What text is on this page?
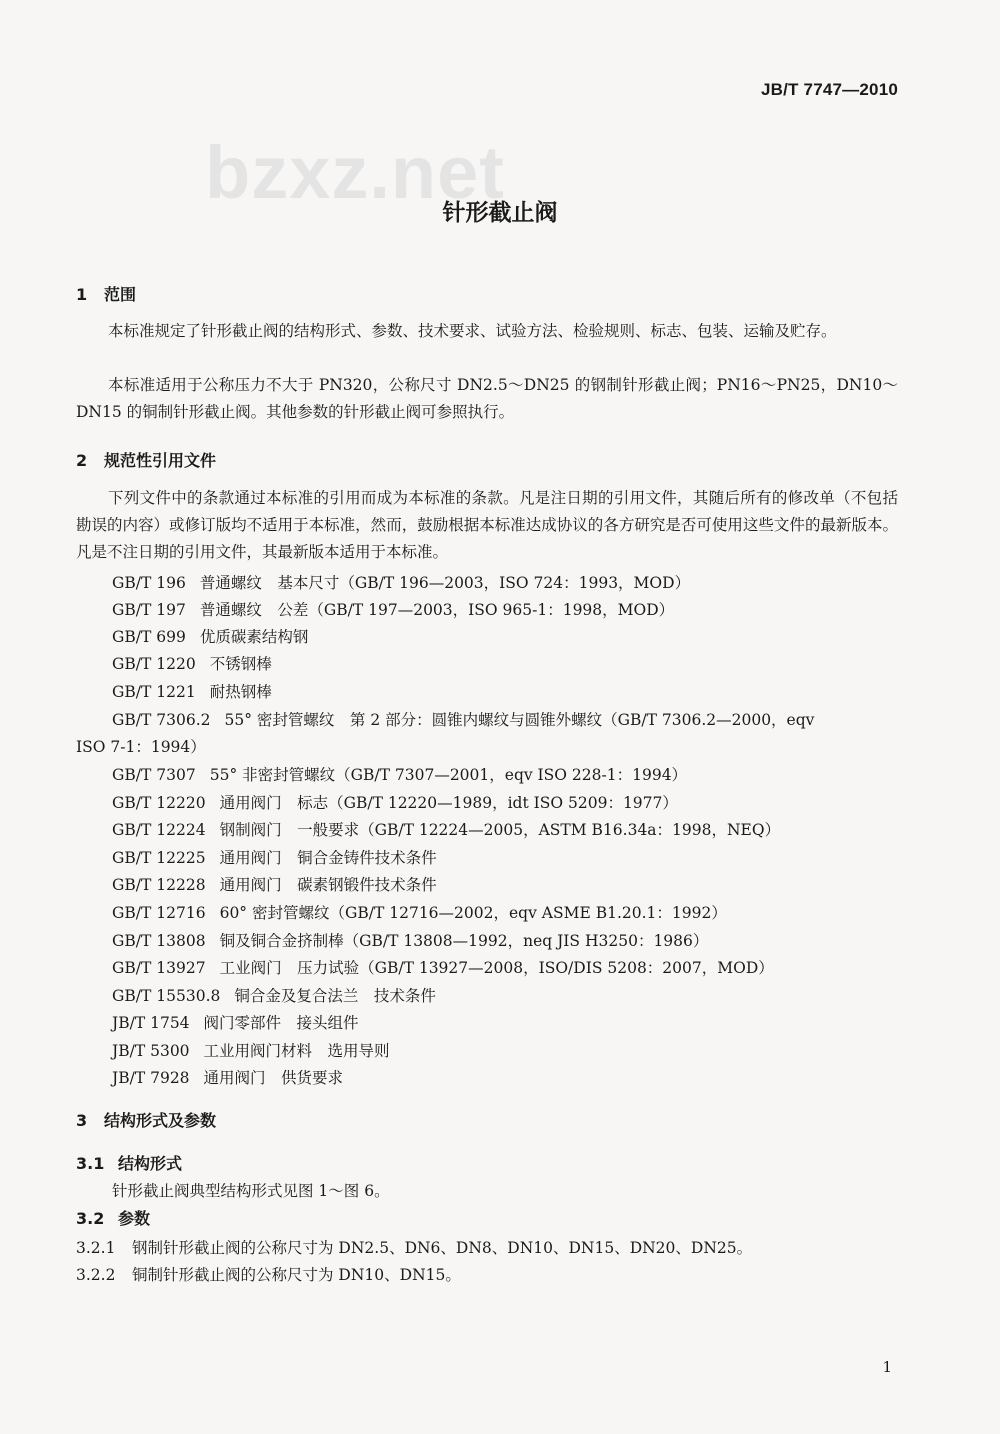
JB/T 7747—2010
bzxz.net
针形截止阀
1 范围
本标准规定了针形截止阀的结构形式、参数、技术要求、试验方法、检验规则、标志、包装、运输及贮存。
本标准适用于公称压力不大于 PN320，公称尺寸 DN2.5～DN25 的钢制针形截止阀；PN16～PN25，DN10～DN15 的铜制针形截止阀。其他参数的针形截止阀可参照执行。
2 规范性引用文件
下列文件中的条款通过本标准的引用而成为本标准的条款。凡是注日期的引用文件，其随后所有的修改单（不包括勘误的内容）或修订版均不适用于本标准，然而，鼓励根据本标准达成协议的各方研究是否可使用这些文件的最新版本。凡是不注日期的引用文件，其最新版本适用于本标准。
GB/T 196 普通螺纹　基本尺寸（GB/T 196—2003，ISO 724：1993，MOD）
GB/T 197 普通螺纹　公差（GB/T 197—2003，ISO 965-1：1998，MOD）
GB/T 699 优质碳素结构钢
GB/T 1220 不锈钢棒
GB/T 1221 耐热钢棒
GB/T 7306.2 55° 密封管螺纹　第 2 部分：圆锥内螺纹与圆锥外螺纹（GB/T 7306.2—2000，eqv
ISO 7-1：1994）
GB/T 7307 55° 非密封管螺纹（GB/T 7307—2001，eqv ISO 228-1：1994）
GB/T 12220 通用阀门　标志（GB/T 12220—1989，idt ISO 5209：1977）
GB/T 12224 钢制阀门　一般要求（GB/T 12224—2005，ASTM B16.34a：1998，NEQ）
GB/T 12225 通用阀门　铜合金铸件技术条件
GB/T 12228 通用阀门　碳素钢锻件技术条件
GB/T 12716 60° 密封管螺纹（GB/T 12716—2002，eqv ASME B1.20.1：1992）
GB/T 13808 铜及铜合金挤制棒（GB/T 13808—1992，neq JIS H3250：1986）
GB/T 13927 工业阀门　压力试验（GB/T 13927—2008，ISO/DIS 5208：2007，MOD）
GB/T 15530.8 铜合金及复合法兰　技术条件
JB/T 1754 阀门零部件　接头组件
JB/T 5300 工业用阀门材料　选用导则
JB/T 7928 通用阀门　供货要求
3 结构形式及参数
3.1 结构形式
针形截止阀典型结构形式见图 1～图 6。
3.2 参数
3.2.1 钢制针形截止阀的公称尺寸为 DN2.5、DN6、DN8、DN10、DN15、DN20、DN25。
3.2.2 铜制针形截止阀的公称尺寸为 DN10、DN15。
1
